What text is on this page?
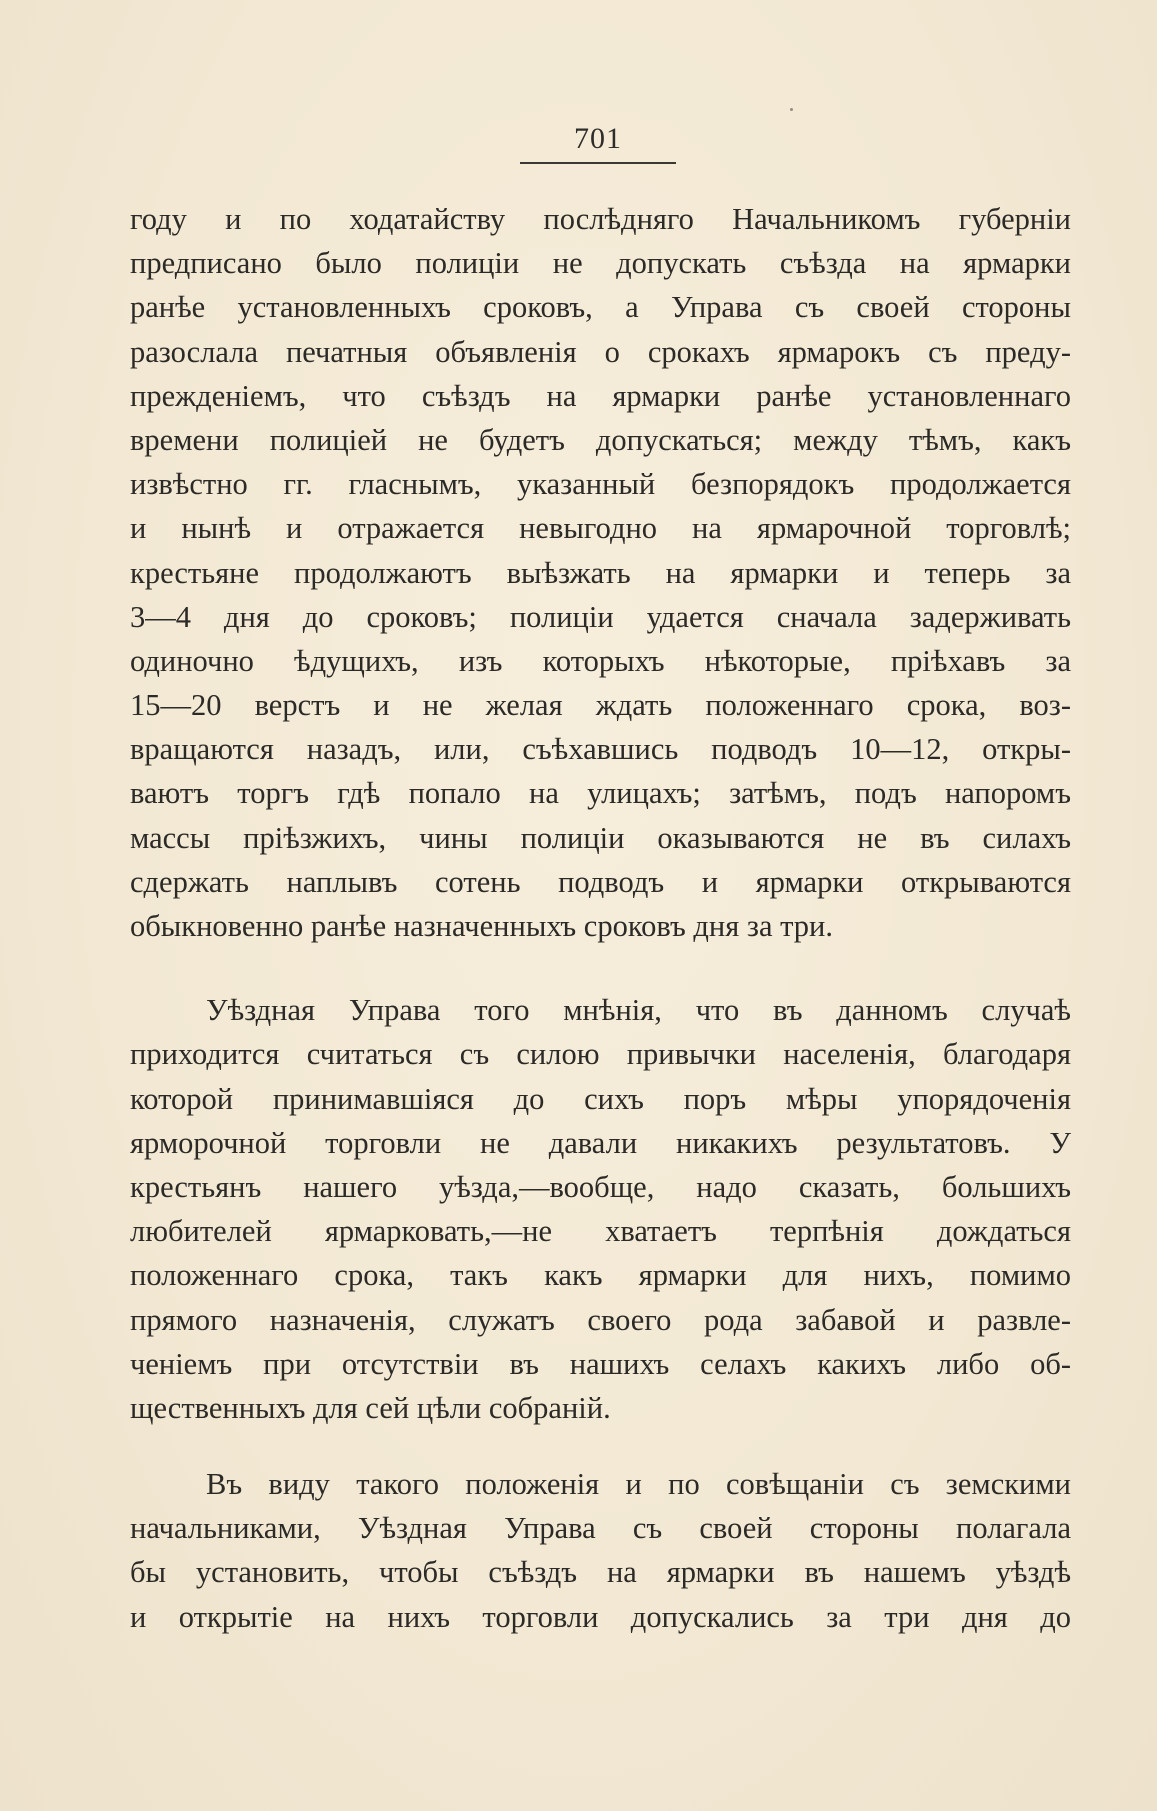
701
году и по ходатайству послѣдняго Начальникомъ губерніи
предписано было полиціи не допускать съѣзда на ярмарки
ранѣе установленныхъ сроковъ, а Управа съ своей стороны
разослала печатныя объявленія о срокахъ ярмарокъ съ преду-
прежденіемъ, что съѣздъ на ярмарки ранѣе установленнаго
времени полиціей не будетъ допускаться; между тѣмъ, какъ
извѣстно гг. гласнымъ, указанный безпорядокъ продолжается
и нынѣ и отражается невыгодно на ярмарочной торговлѣ;
крестьяне продолжаютъ выѣзжать на ярмарки и теперь за
3—4 дня до сроковъ; полиціи удается сначала задерживать
одиночно ѣдущихъ, изъ которыхъ нѣкоторые, пріѣхавъ за
15—20 верстъ и не желая ждать положеннаго срока, воз-
вращаются назадъ, или, съѣхавшись подводъ 10—12, откры-
ваютъ торгъ гдѣ попало на улицахъ; затѣмъ, подъ напоромъ
массы пріѣзжихъ, чины полиціи оказываются не въ силахъ
сдержать наплывъ сотень подводъ и ярмарки открываются
обыкновенно ранѣе назначенныхъ сроковъ дня за три.
Уѣздная Управа того мнѣнія, что въ данномъ случаѣ
приходится считаться съ силою привычки населенія, благодаря
которой принимавшіяся до сихъ поръ мѣры упорядоченія
ярморочной торговли не давали никакихъ результатовъ. У
крестьянъ нашего уѣзда,—вообще, надо сказать, большихъ
любителей ярмарковать,—не хватаетъ терпѣнія дождаться
положеннаго срока, такъ какъ ярмарки для нихъ, помимо
прямого назначенія, служатъ своего рода забавой и развле-
ченіемъ при отсутствіи въ нашихъ селахъ какихъ либо об-
щественныхъ для сей цѣли собраній.
Въ виду такого положенія и по совѣщаніи съ земскими
начальниками, Уѣздная Управа съ своей стороны полагала
бы установить, чтобы съѣздъ на ярмарки въ нашемъ уѣздѣ
и открытіе на нихъ торговли допускались за три дня до
